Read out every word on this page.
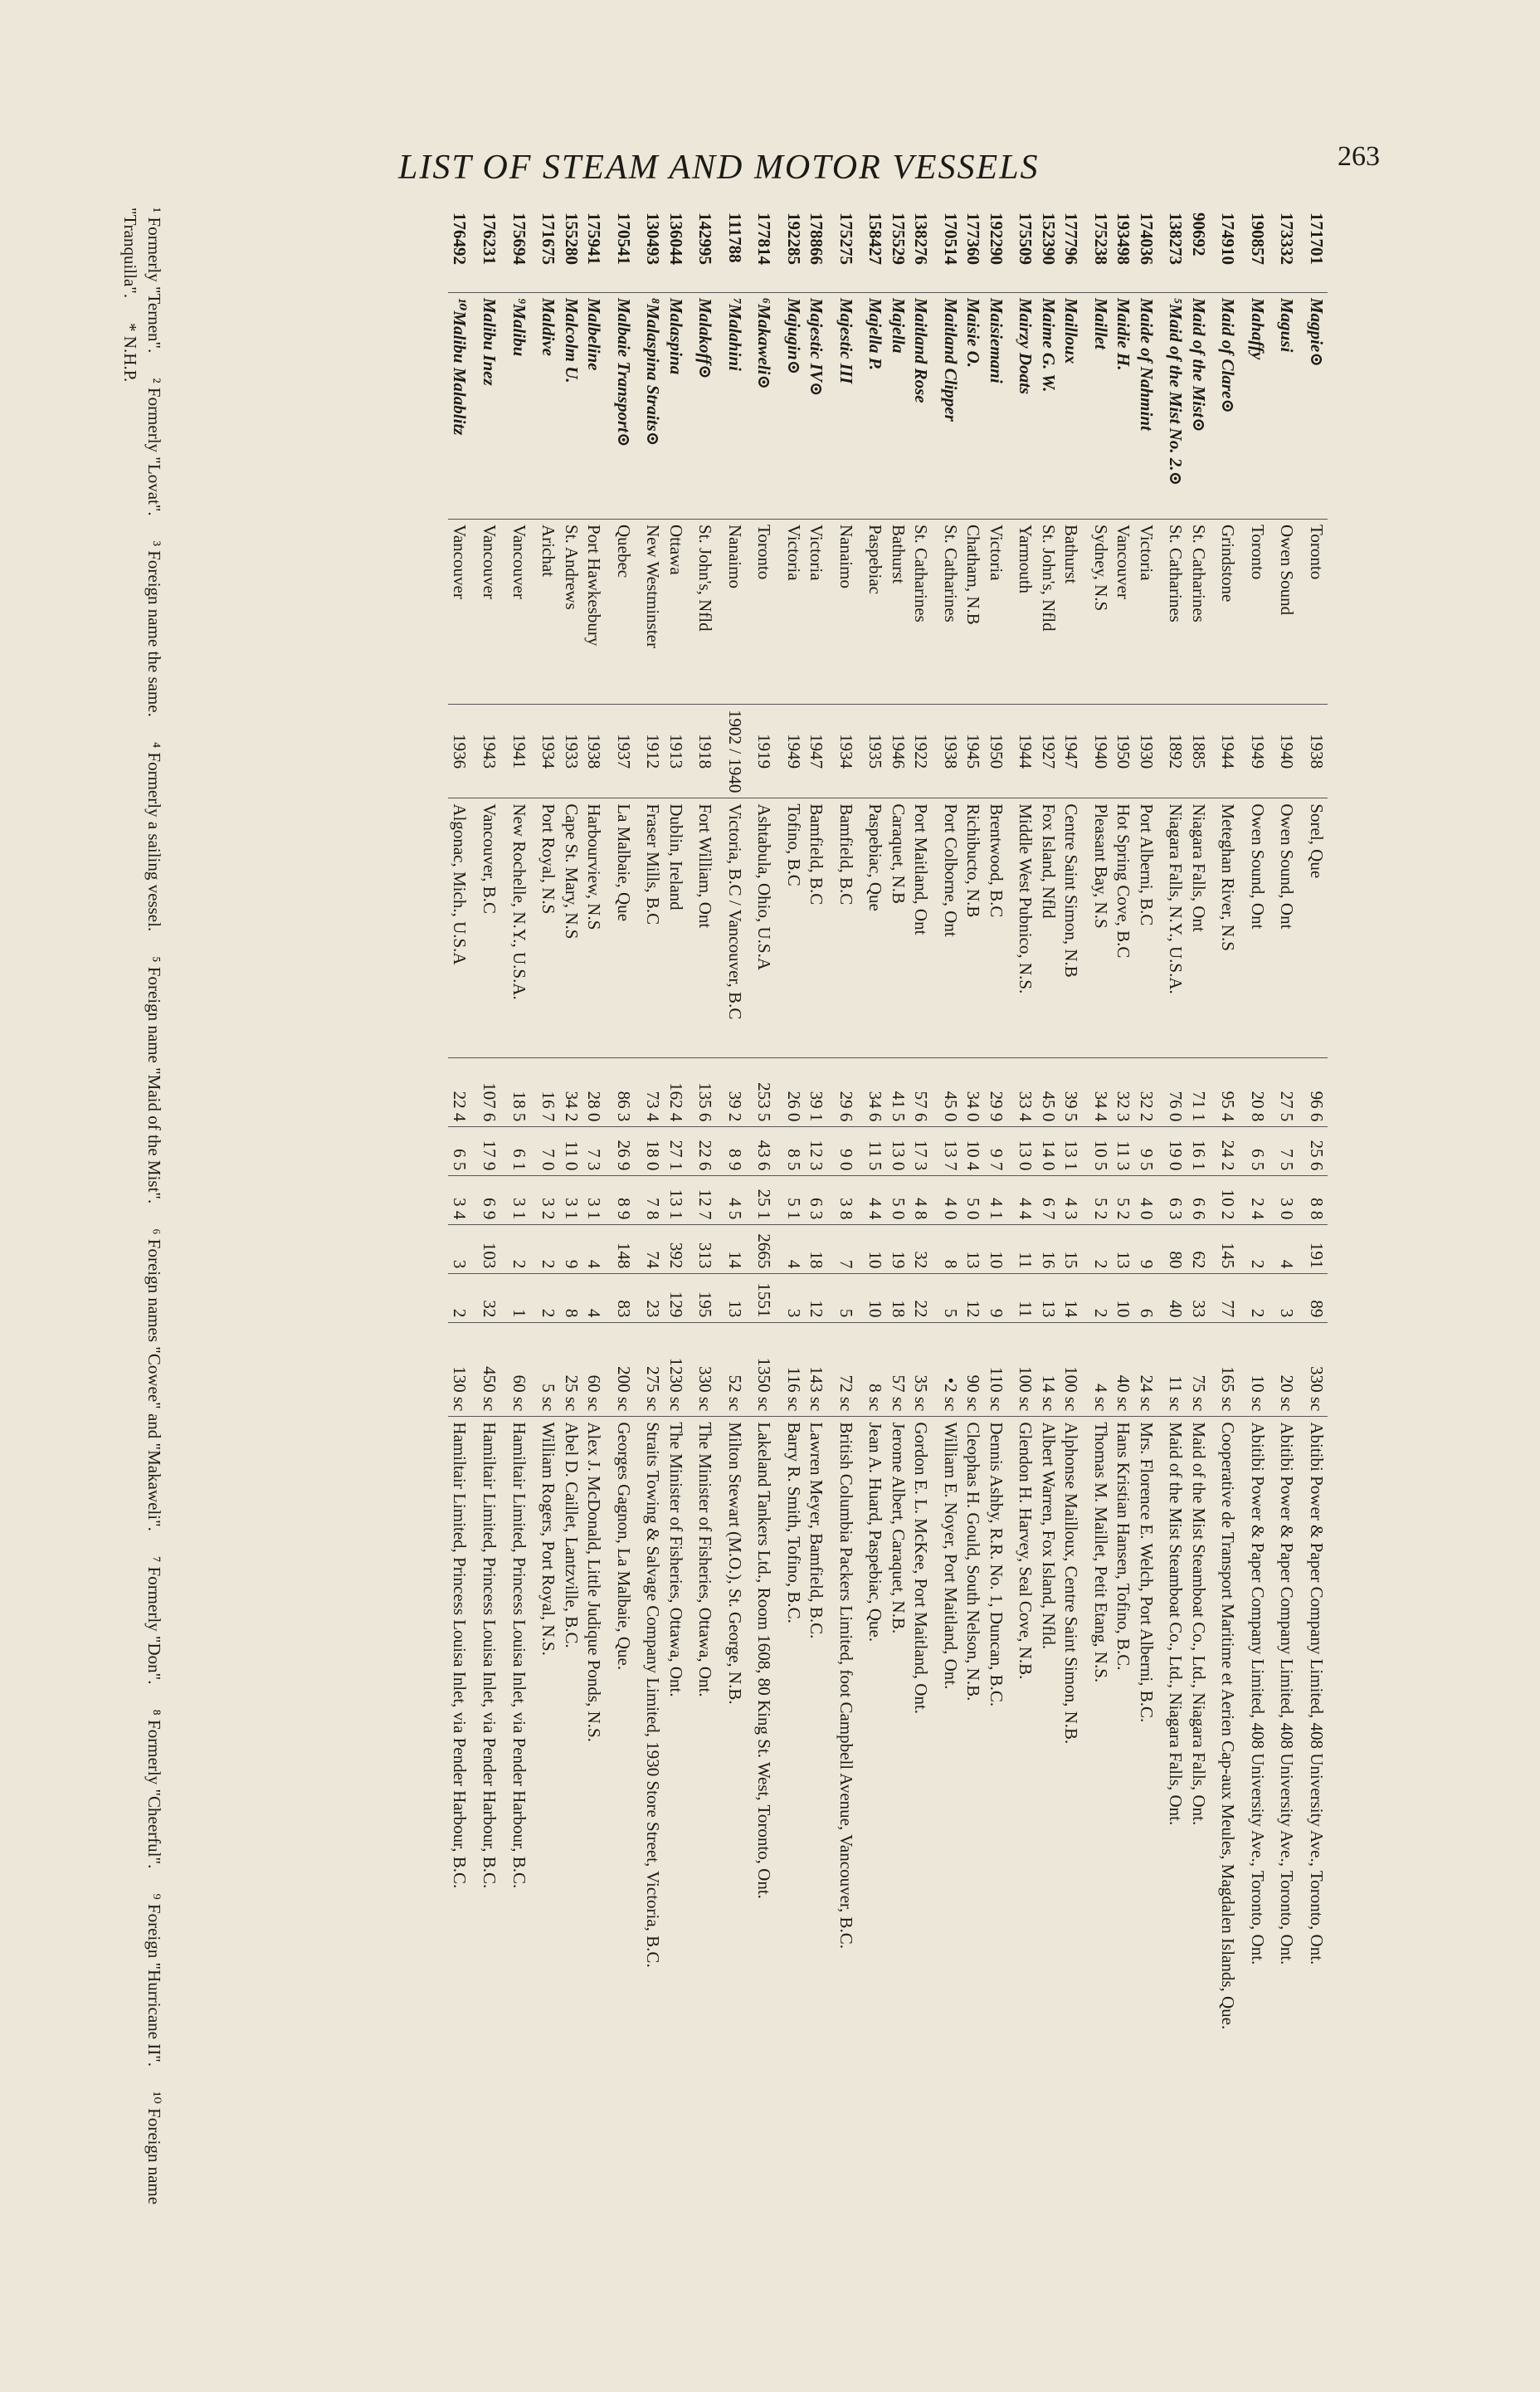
LIST OF STEAM AND MOTOR VESSELS	263
171701	Magpie⊙	Toronto	1938	Sorel, Que	96 6	25 6	8 8	191	89	330 sc	Abitibi Power & Paper Company Limited, 408 University Ave., Toronto, Ont.
173332	Magusi	Owen Sound	1940	Owen Sound, Ont	27 5	7 5	3 0	4	3	20 sc	Abitibi Power & Paper Company Limited, 408 University Ave., Toronto, Ont.
190857	Mahaffy	Toronto	1949	Owen Sound, Ont	20 8	6 5	2 4	2	2	10 sc	Abitibi Power & Paper Company Limited, 408 University Ave., Toronto, Ont.
174910	Maid of Clare⊙	Grindstone	1944	Meteghan River, N.S	95 4	24 2	10 2	145	77	165 sc	Cooperative de Transport Maritime et Aerien Cap-aux Meules, Magdalen Islands, Que.
90692	Maid of the Mist⊙	St. Catharines	1885	Niagara Falls, Ont	71 1	16 1	6 6	62	33	75 sc	Maid of the Mist Steamboat Co., Ltd., Niagara Falls, Ont.
138273	⁵Maid of the Mist No. 2.⊙	St. Catharines	1892	Niagara Falls, N.Y., U.S.A.	76 0	19 0	6 3	80	40	11 sc	Maid of the Mist Steamboat Co., Ltd., Niagara Falls, Ont.
174036	Maide of Nahmint	Victoria	1930	Port Alberni, B.C	32 2	9 5	4 0	9	6	24 sc	Mrs. Florence E. Welch, Port Alberni, B.C.
193498	Maidie H.	Vancouver	1950	Hot Spring Cove, B.C	32 3	11 3	5 2	13	10	40 sc	Hans Kristian Hansen, Tofino, B.C.
175238	Maillet	Sydney, N.S	1940	Pleasant Bay, N.S	34 4	10 5	5 2	2	2	4 sc	Thomas M. Maillet, Petit Etang, N.S.
177796	Mailloux	Bathurst	1947	Centre Saint Simon, N.B	39 5	13 1	4 3	15	14	100 sc	Alphonse Mailloux, Centre Saint Simon, N.B.
152390	Maime G. W.	St. John's, Nfld	1927	Fox Island, Nfld	45 0	14 0	6 7	16	13	14 sc	Albert Warren, Fox Island, Nfld.
175509	Mairzy Doats	Yarmouth	1944	Middle West Pubnico, N.S.	33 4	13 0	4 4	11	11	100 sc	Glendon H. Harvey, Seal Cove, N.B.
192290	Maisiemani	Victoria	1950	Brentwood, B.C	29 9	9 7	4 1	10	9	110 sc	Dennis Ashby, R.R. No. 1, Duncan, B.C.
177360	Maisie O.	Chatham, N.B	1945	Richibucto, N.B	34 0	10 4	5 0	13	12	90 sc	Cleophas H. Gould, South Nelson, N.B.
170514	Maitland Clipper	St. Catharines	1938	Port Colborne, Ont	45 0	13 7	4 0	8	5	•2 sc	William E. Noyer, Port Maitland, Ont.
138276	Maitland Rose	St. Catharines	1922	Port Maitland, Ont	57 6	17 3	4 8	32	22	35 sc	Gordon E. L. McKee, Port Maitland, Ont.
175529	Majella	Bathurst	1946	Caraquet, N.B	41 5	13 0	5 0	19	18	57 sc	Jerome Albert, Caraquet, N.B.
158427	Majella P.	Paspebiac	1935	Paspebiac, Que	34 6	11 5	4 4	10	10	8 sc	Jean A. Huard, Paspebiac, Que.
175275	Majestic III	Nanaimo	1934	Bamfield, B.C	29 6	9 0	3 8	7	5	72 sc	British Columbia Packers Limited, foot Campbell Avenue, Vancouver, B.C.
178866	Majestic IV⊙	Victoria	1947	Bamfield, B.C	39 1	12 3	6 3	18	12	143 sc	Lawren Meyer, Bamfield, B.C.
192285	Majugin⊙	Victoria	1949	Tofino, B.C	26 0	8 5	5 1	4	3	116 sc	Barry R. Smith, Tofino, B.C.
177814	⁶Makaweli⊙	Toronto	1919	Ashtabula, Ohio, U.S.A	253 5	43 6	25 1	2665	1551	1350 sc	Lakeland Tankers Ltd., Room 1608, 80 King St. West, Toronto, Ont.
111788	⁷Malahini	Nanaimo	1902 / 1940	Victoria, B.C / Vancouver, B.C	39 2	8 9	4 5	14	13	52 sc	Milton Stewart (M.O.), St. George, N.B.
142995	Malakoff⊙	St. John's, Nfld	1918	Fort William, Ont	135 6	22 6	12 7	313	195	330 sc	The Minister of Fisheries, Ottawa, Ont.
136044	Malaspina	Ottawa	1913	Dublin, Ireland	162 4	27 1	13 1	392	129	1230 sc	The Minister of Fisheries, Ottawa, Ont.
130493	⁸Malaspina Straits⊙	New Westminster	1912	Fraser Mills, B.C	73 4	18 0	7 8	74	23	275 sc	Straits Towing & Salvage Company Limited, 1930 Store Street, Victoria, B.C.
170541	Malbaie Transport⊙	Quebec	1937	La Malbaie, Que	86 3	26 9	8 9	148	83	200 sc	Georges Gagnon, La Malbaie, Que.
175941	Malbeline	Port Hawkesbury	1938	Harbourview, N.S	28 0	7 3	3 1	4	4	60 sc	Alex J. McDonald, Little Judique Ponds, N.S.
155280	Malcolm U.	St. Andrews	1933	Cape St. Mary, N.S	34 2	11 0	3 1	9	8	25 sc	Abel D. Caillet, Lantzville, B.C.
171675	Maldive	Arichat	1934	Port Royal, N.S	16 7	7 0	3 2	2	2	5 sc	William Rogers, Port Royal, N.S.
175694	⁹Malibu	Vancouver	1941	New Rochelle, N.Y., U.S.A.	18 5	6 1	3 1	2	1	60 sc	Hamiltair Limited, Princess Louisa Inlet, via Pender Harbour, B.C.
176231	Malibu Inez	Vancouver	1943	Vancouver, B.C	107 6	17 9	6 9	103	32	450 sc	Hamiltair Limited, Princess Louisa Inlet, via Pender Harbour, B.C.
176492	¹⁰Malibu Malablitz	Vancouver	1936	Algonac, Mich., U.S.A	22 4	6 5	3 4	3	2	130 sc	Hamiltair Limited, Princess Louisa Inlet, via Pender Harbour, B.C.
¹ Formerly "Ternen".² Formerly "Lovat".³ Foreign name the same.⁴ Formerly a sailing vessel.⁵ Foreign name "Maid of the Mist".⁶ Foreign names "Cowee" and "Makaweli".⁷ Formerly "Don".⁸ Formerly "Cheerful".⁹ Foreign "Hurricane II".¹⁰ Foreign name "Tranquilla".* N.H.P.
